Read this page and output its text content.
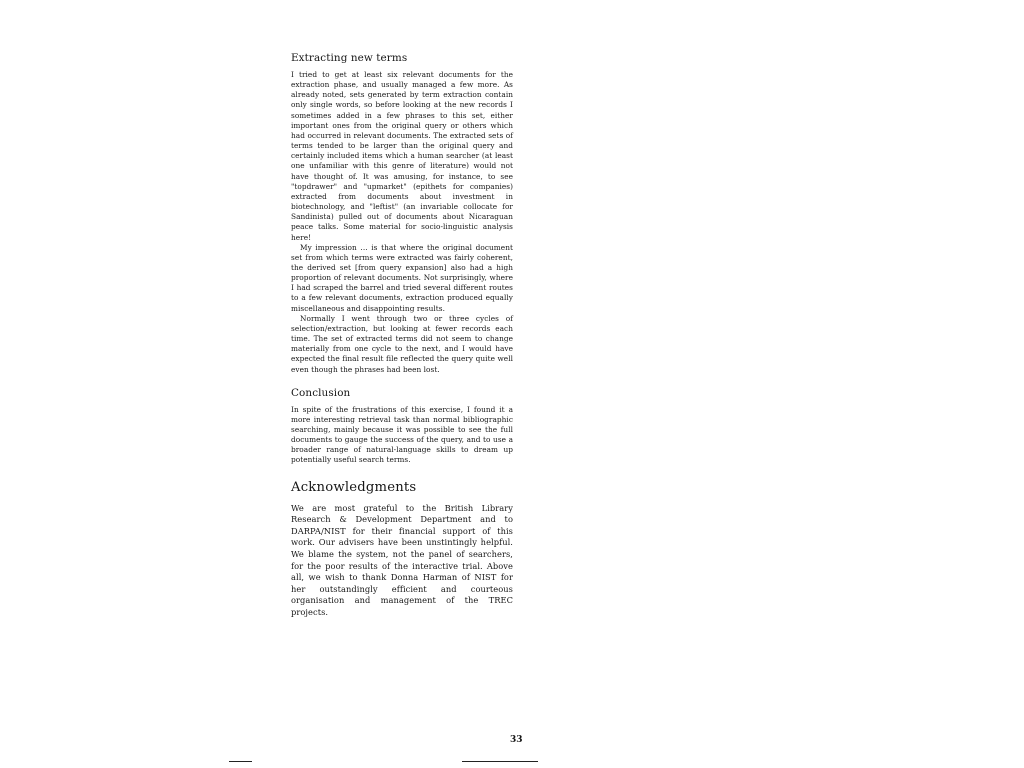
Extracting new terms

I tried to get at least six relevant documents for the extraction phase, and usually managed a few more. As already noted, sets generated by term extraction contain only single words, so before looking at the new records I sometimes added in a few phrases to this set, either important ones from the original query or others which had occurred in relevant documents. The extracted sets of terms tended to be larger than the original query and certainly included items which a human searcher (at least one unfamiliar with this genre of literature) would not have thought of. It was amusing, for instance, to see "topdrawer" and "upmarket" (epithets for companies) extracted from documents about investment in biotechnology, and "leftist" (an invariable collocate for Sandinista) pulled out of documents about Nicaraguan peace talks. Some material for socio-linguistic analysis here!

My impression ... is that where the original document set from which terms were extracted was fairly coherent, the derived set [from query expansion] also had a high proportion of relevant documents. Not surprisingly, where I had scraped the barrel and tried several different routes to a few relevant documents, extraction produced equally miscellaneous and disappointing results.

Normally I went through two or three cycles of selection/extraction, but looking at fewer records each time. The set of extracted terms did not seem to change materially from one cycle to the next, and I would have expected the final result file reflected the query quite well even though the phrases had been lost.

Conclusion

In spite of the frustrations of this exercise, I found it a more interesting retrieval task than normal bibliographic searching, mainly because it was possible to see the full documents to gauge the success of the query, and to use a broader range of natural-language skills to dream up potentially useful search terms.

Acknowledgments

We are most grateful to the British Library Research & Development Department and to DARPA/NIST for their financial support of this work. Our advisers have been unstintingly helpful. We blame the system, not the panel of searchers, for the poor results of the interactive trial. Above all, we wish to thank Donna Harman of NIST for her outstandingly efficient and courteous organisation and management of the TREC projects.

33
